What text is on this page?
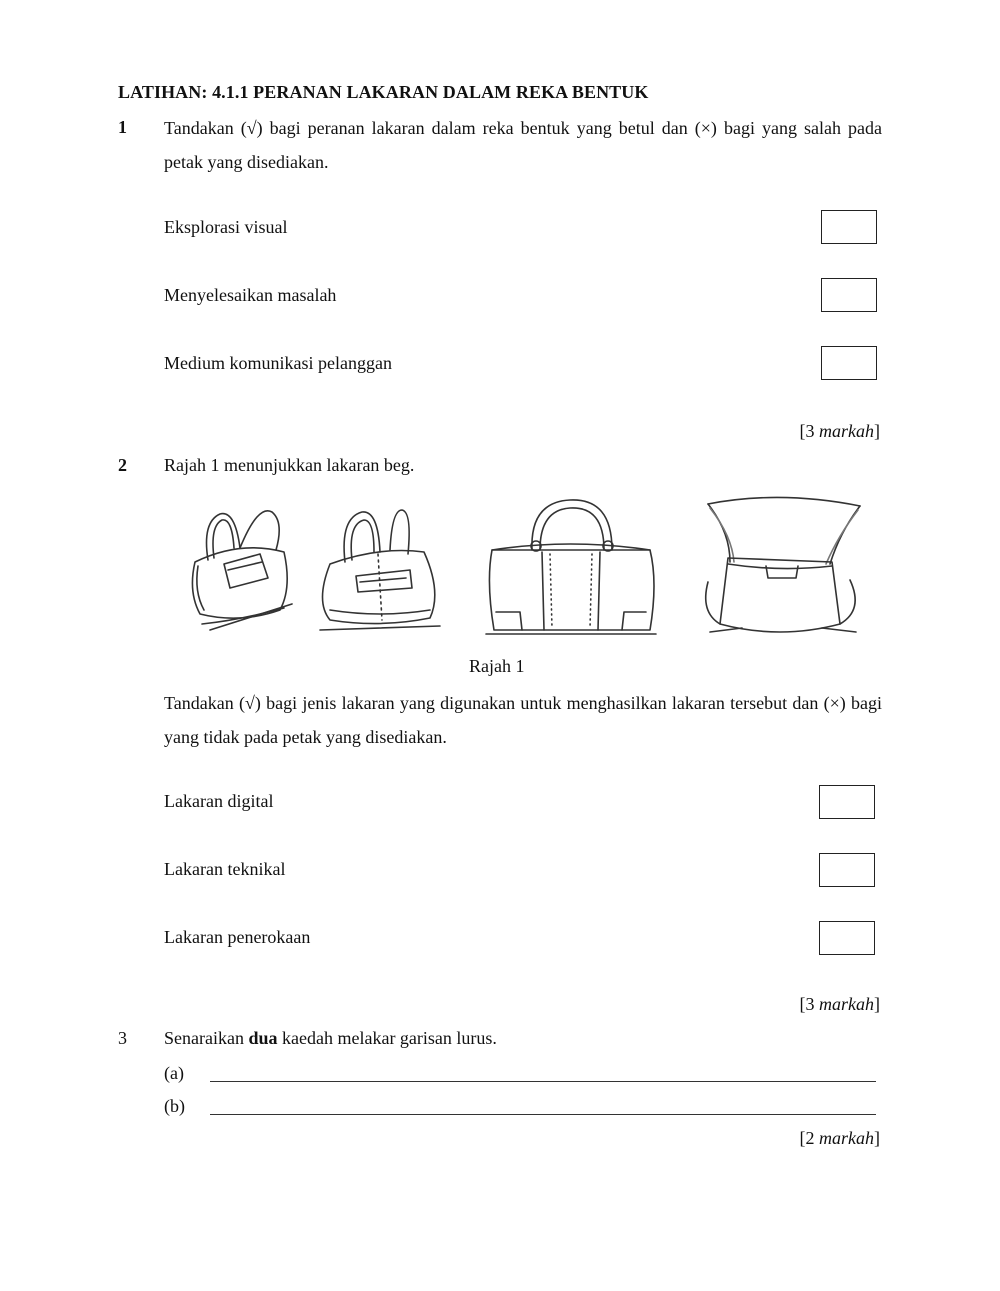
LATIHAN: 4.1.1 PERANAN LAKARAN DALAM REKA BENTUK
1 Tandakan (√) bagi peranan lakaran dalam reka bentuk yang betul dan (×) bagi yang salah pada petak yang disediakan.
Eksplorasi visual
Menyelesaikan masalah
Medium komunikasi pelanggan
[3 markah]
2 Rajah 1 menunjukkan lakaran beg.
Rajah 1
Tandakan (√) bagi jenis lakaran yang digunakan untuk menghasilkan lakaran tersebut dan (×) bagi yang tidak pada petak yang disediakan.
Lakaran digital
Lakaran teknikal
Lakaran penerokaan
[3 markah]
3 Senaraikan dua kaedah melakar garisan lurus.
(a)
(b)
[2 markah]
